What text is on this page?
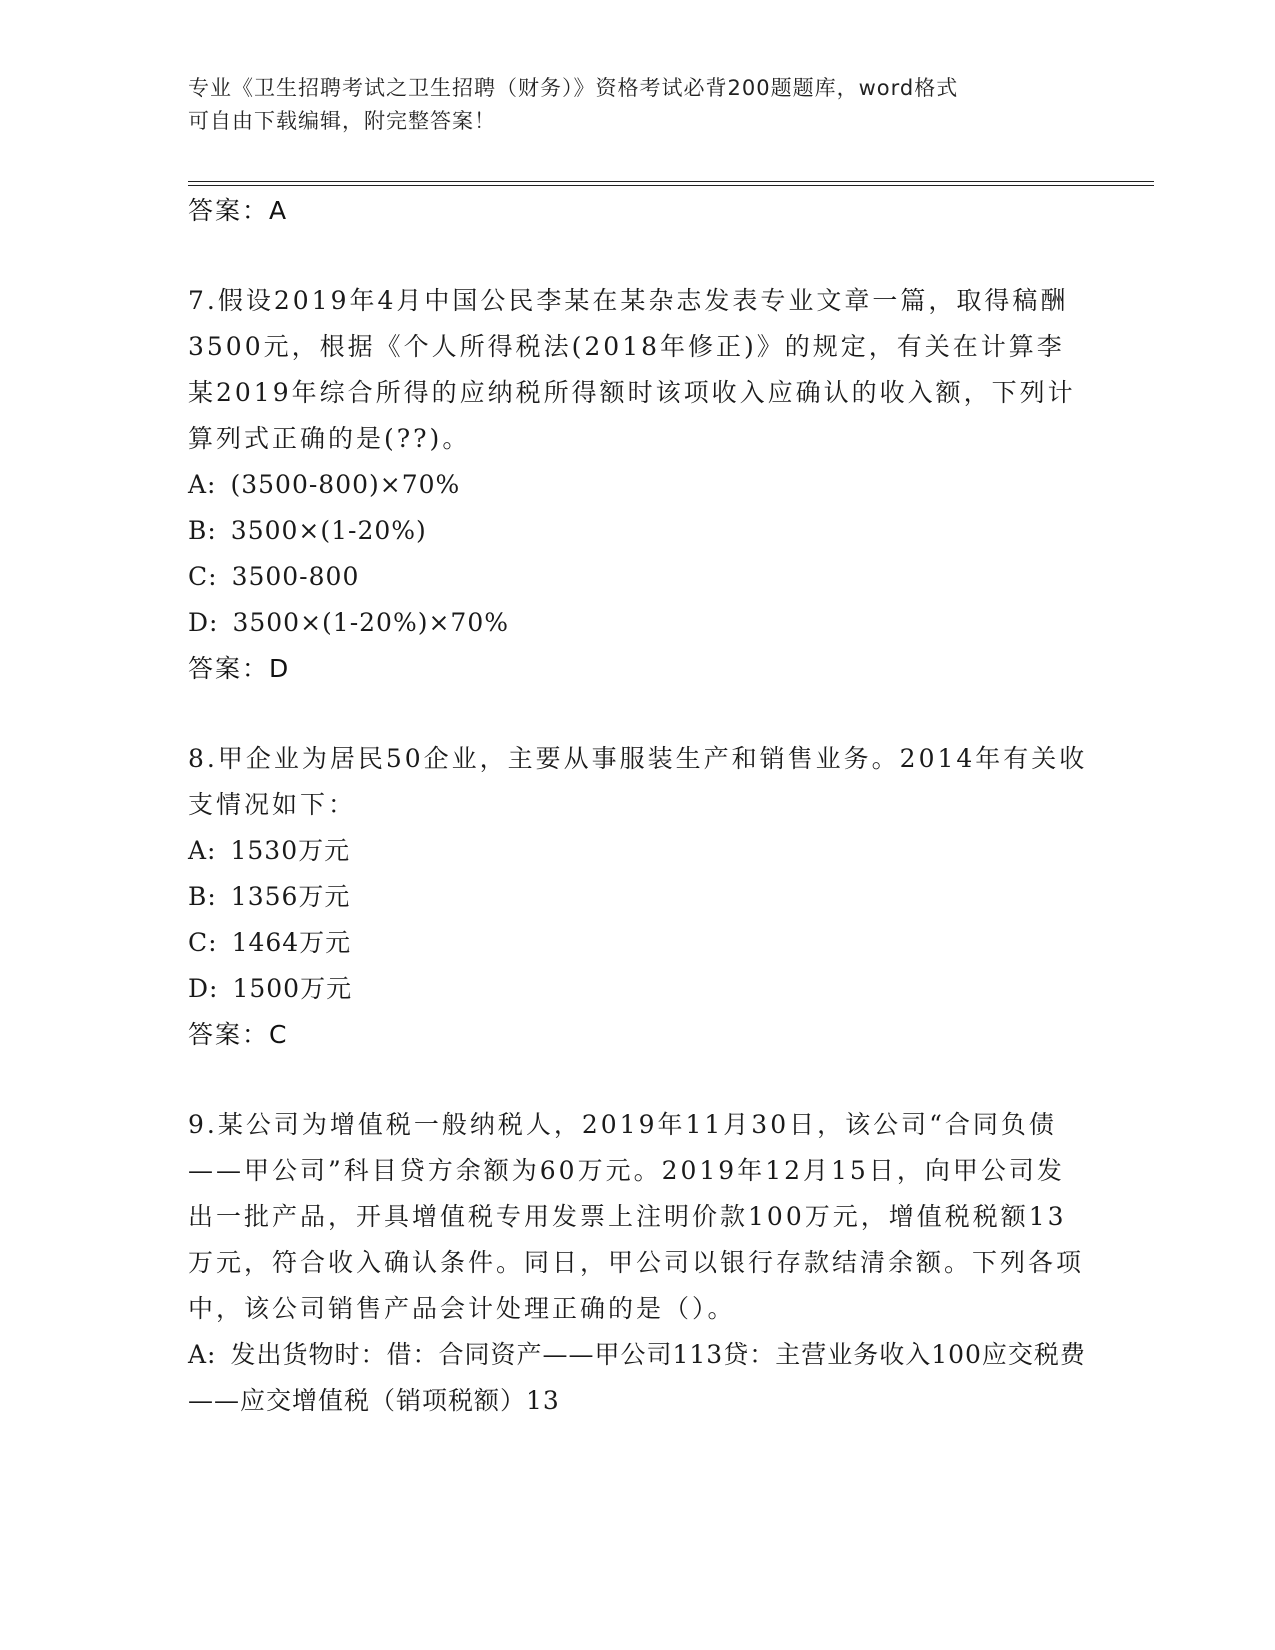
专业《卫生招聘考试之卫生招聘（财务）》资格考试必背200题题库，word格式
可自由下载编辑，附完整答案！
答案：A

7.假设2019年4月中国公民李某在某杂志发表专业文章一篇，取得稿酬3500元，根据《个人所得税法(2018年修正)》的规定，有关在计算李某2019年综合所得的应纳税所得额时该项收入应确认的收入额，下列计算列式正确的是(??)。

A: (3500-800)×70%

B: 3500×(1-20%)

C: 3500-800

D: 3500×(1-20%)×70%

答案：D

8.甲企业为居民50企业，主要从事服装生产和销售业务。2014年有关收支情况如下：

A: 1530万元

B: 1356万元

C: 1464万元

D: 1500万元

答案：C

9.某公司为增值税一般纳税人，2019年11月30日，该公司“合同负债——甲公司”科目贷方余额为60万元。2019年12月15日，向甲公司发出一批产品，开具增值税专用发票上注明价款100万元，增值税税额13万元，符合收入确认条件。同日，甲公司以银行存款结清余额。下列各项中，该公司销售产品会计处理正确的是（）。

A: 发出货物时：借：合同资产——甲公司113贷：主营业务收入100应交税费——应交增值税（销项税额）13
